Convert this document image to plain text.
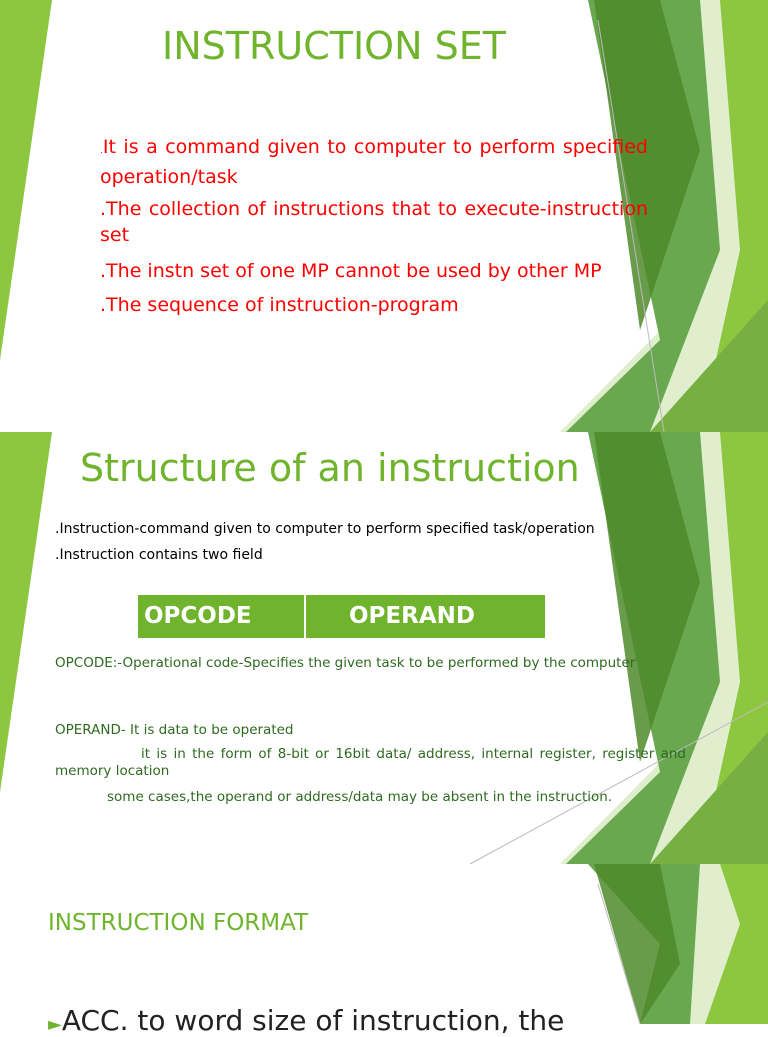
INSTRUCTION SET
.It is a command given to computer to perform specified operation/task
.The collection of instructions that to execute-instruction set
.The instn set of one MP cannot be used by other MP
.The sequence of instruction-program
Structure of an instruction
.Instruction-command given to computer to perform specified task/operation
.Instruction contains two field
OPCODE	OPERAND
OPCODE:-Operational code-Specifies the given task to be performed by the computer
OPERAND- It is data to be operated
it is in the form of 8-bit or 16bit data/ address, internal register, register and memory location
some cases,the operand or address/data may be absent in the instruction.
INSTRUCTION FORMAT
►ACC. to word size of instruction, the
